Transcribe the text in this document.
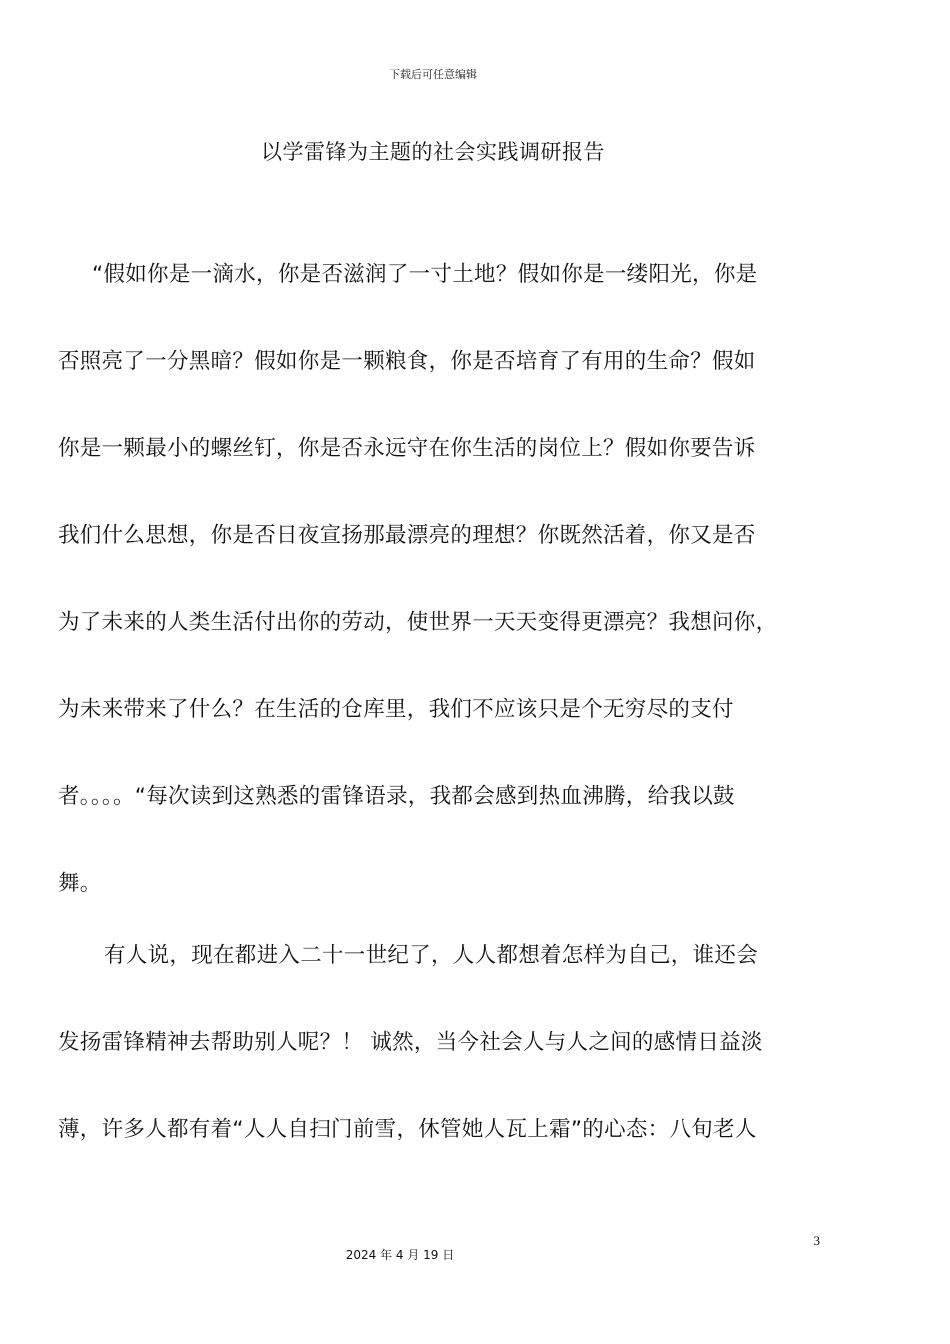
下载后可任意编辑
以学雷锋为主题的社会实践调研报告
“假如你是一滴水，你是否滋润了一寸土地？假如你是一缕阳光，你是
否照亮了一分黑暗？假如你是一颗粮食，你是否培育了有用的生命？假如
你是一颗最小的螺丝钉，你是否永远守在你生活的岗位上？假如你要告诉
我们什么思想，你是否日夜宣扬那最漂亮的理想？你既然活着，你又是否
为了未来的人类生活付出你的劳动，使世界一天天变得更漂亮？我想问你，
为未来带来了什么？在生活的仓库里，我们不应该只是个无穷尽的支付
者。。。。“每次读到这熟悉的雷锋语录，我都会感到热血沸腾，给我以鼓
舞。
有人说，现在都进入二十一世纪了，人人都想着怎样为自己，谁还会
发扬雷锋精神去帮助别人呢？！ 诚然，当今社会人与人之间的感情日益淡
薄，许多人都有着“人人自扫门前雪，休管她人瓦上霜”的心态：八旬老人
3
2024 年 4 月 19 日
